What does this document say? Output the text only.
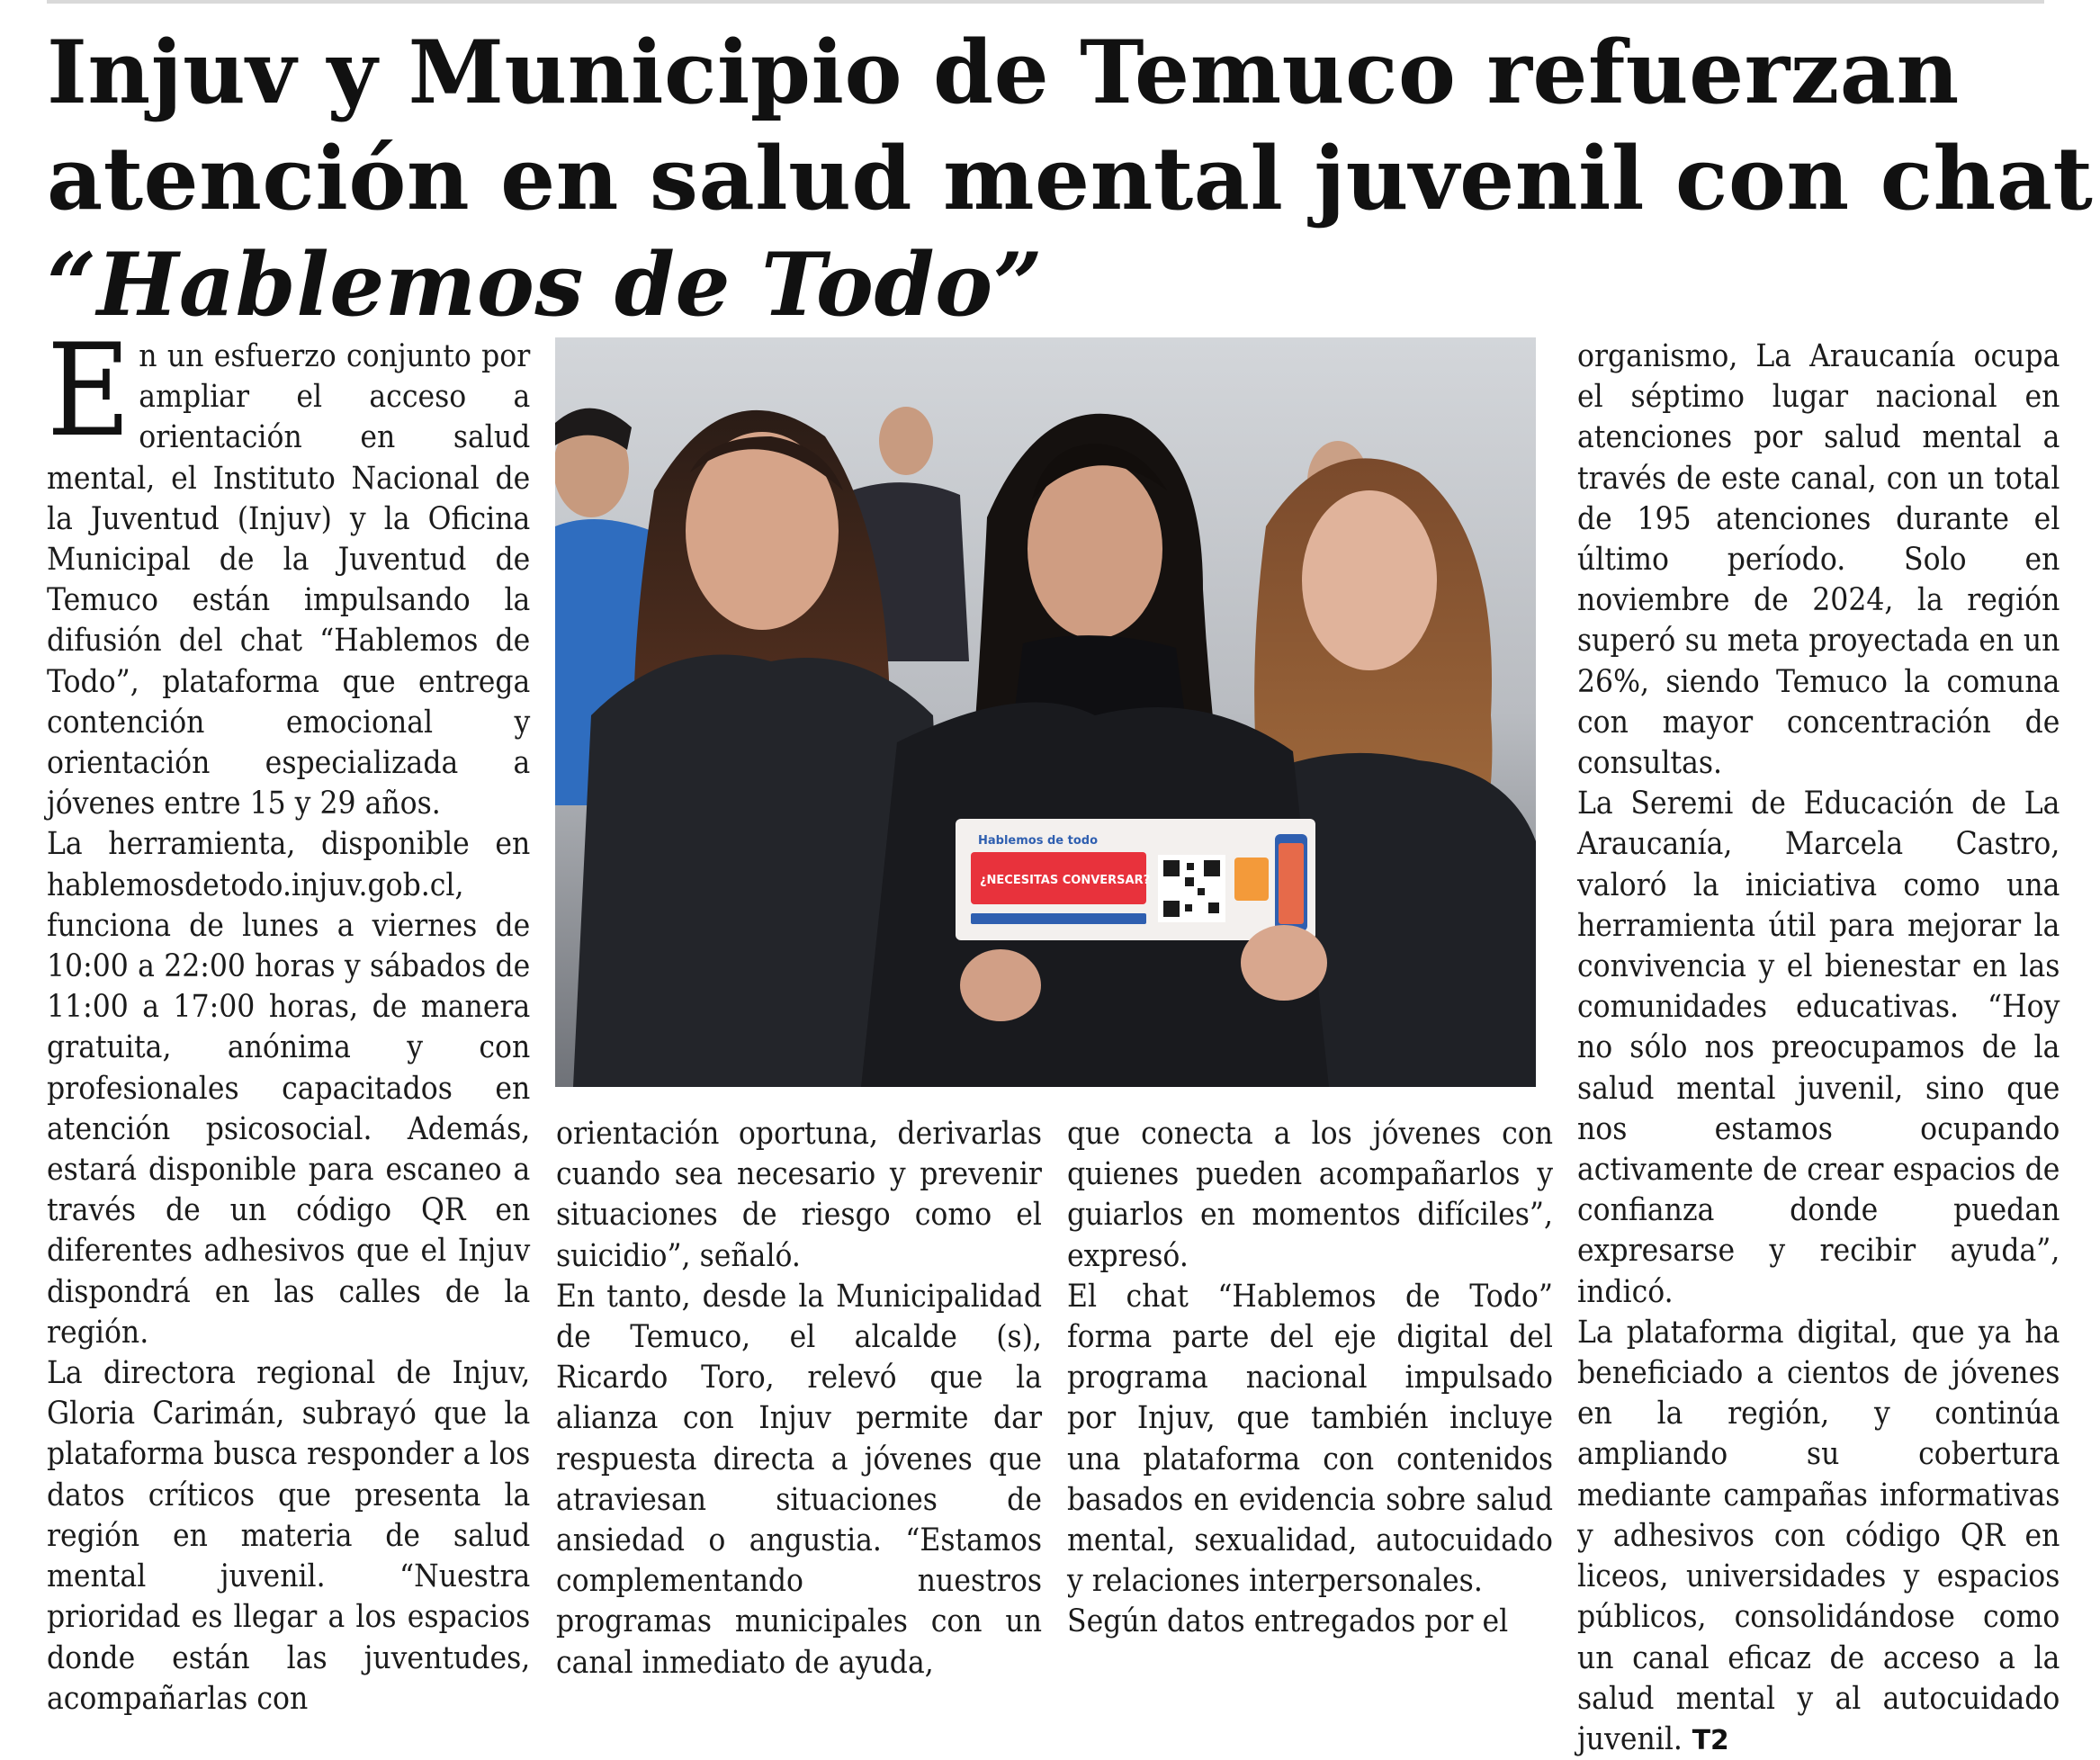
Injuv y Municipio de Temuco refuerzan
atención en salud mental juvenil con chat
“Hablemos de Todo”

En un esfuerzo conjunto por ampliar el acceso a orientación en salud mental, el Instituto Nacional de la Juventud (Injuv) y la Oficina Municipal de la Juventud de Temuco están impulsando la difusión del chat “Hablemos de Todo”, plataforma que entrega contención emocional y orientación especializada a jóvenes entre 15 y 29 años.

La herramienta, disponible en hablemosdetodo.injuv.gob.cl, funciona de lunes a viernes de 10:00 a 22:00 horas y sábados de 11:00 a 17:00 horas, de manera gratuita, anónima y con profesionales capacitados en atención psicosocial. Además, estará disponible para escaneo a través de un código QR en diferentes adhesivos que el Injuv dispondrá en las calles de la región.

La directora regional de Injuv, Gloria Carimán, subrayó que la plataforma busca responder a los datos críticos que presenta la región en materia de salud mental juvenil. “Nuestra prioridad es llegar a los espacios donde están las juventudes, acompañarlas con

Hablemos de todo
¿NECESITAS CONVERSAR?

orientación oportuna, derivarlas cuando sea necesario y prevenir situaciones de riesgo como el suicidio”, señaló.

En tanto, desde la Municipalidad de Temuco, el alcalde (s), Ricardo Toro, relevó que la alianza con Injuv permite dar respuesta directa a jóvenes que atraviesan situaciones de ansiedad o angustia. “Estamos complementando nuestros programas municipales con un canal inmediato de ayuda,

que conecta a los jóvenes con quienes pueden acompañarlos y guiarlos en momentos difíciles”, expresó.

El chat “Hablemos de Todo” forma parte del eje digital del programa nacional impulsado por Injuv, que también incluye una plataforma con contenidos basados en evidencia sobre salud mental, sexualidad, autocuidado y relaciones interpersonales.

Según datos entregados por el

organismo, La Araucanía ocupa el séptimo lugar nacional en atenciones por salud mental a través de este canal, con un total de 195 atenciones durante el último período. Solo en noviembre de 2024, la región superó su meta proyectada en un 26%, siendo Temuco la comuna con mayor concentración de consultas.

La Seremi de Educación de La Araucanía, Marcela Castro, valoró la iniciativa como una herramienta útil para mejorar la convivencia y el bienestar en las comunidades educativas. “Hoy no sólo nos preocupamos de la salud mental juvenil, sino que nos estamos ocupando activamente de crear espacios de confianza donde puedan expresarse y recibir ayuda”, indicó.

La plataforma digital, que ya ha beneficiado a cientos de jóvenes en la región, y continúa ampliando su cobertura mediante campañas informativas y adhesivos con código QR en liceos, universidades y espacios públicos, consolidándose como un canal eficaz de acceso a la salud mental y al autocuidado juvenil. T2
